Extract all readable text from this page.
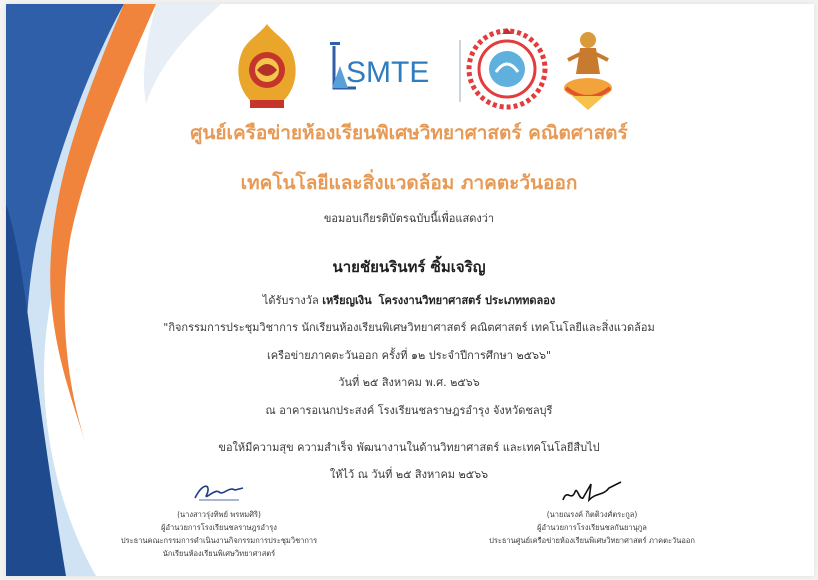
SMTE
ศูนย์เครือข่ายห้องเรียนพิเศษวิทยาศาสตร์ คณิตศาสตร์
เทคโนโลยีและสิ่งแวดล้อม ภาคตะวันออก
ขอมอบเกียรติบัตรฉบับนี้เพื่อแสดงว่า
นายชัยนรินทร์ ซิ้มเจริญ
ได้รับรางวัล เหรียญเงิน โครงงานวิทยาศาสตร์ ประเภททดลอง
"กิจกรรมการประชุมวิชาการ นักเรียนห้องเรียนพิเศษวิทยาศาสตร์ คณิตศาสตร์ เทคโนโลยีและสิ่งแวดล้อม
เครือข่ายภาคตะวันออก ครั้งที่ ๑๒ ประจำปีการศึกษา ๒๕๖๖"
วันที่ ๒๕ สิงหาคม พ.ศ. ๒๕๖๖
ณ อาคารอเนกประสงค์ โรงเรียนชลราษฎรอำรุง จังหวัดชลบุรี
ขอให้มีความสุข ความสำเร็จ พัฒนางานในด้านวิทยาศาสตร์ และเทคโนโลยีสืบไป
ให้ไว้ ณ วันที่ ๒๕ สิงหาคม ๒๕๖๖
(นางสาวรุ่งทิพย์ พรหมศิริ)
ผู้อำนวยการโรงเรียนชลราษฎรอำรุง
ประธานคณะกรรมการดำเนินงานกิจกรรมการประชุมวิชาการ
นักเรียนห้องเรียนพิเศษวิทยาศาสตร์
(นายณรงค์ กิตติวงศ์ตระกูล)
ผู้อำนวยการโรงเรียนชลกันยานุกูล
ประธานศูนย์เครือข่ายห้องเรียนพิเศษวิทยาศาสตร์ ภาคตะวันออก
